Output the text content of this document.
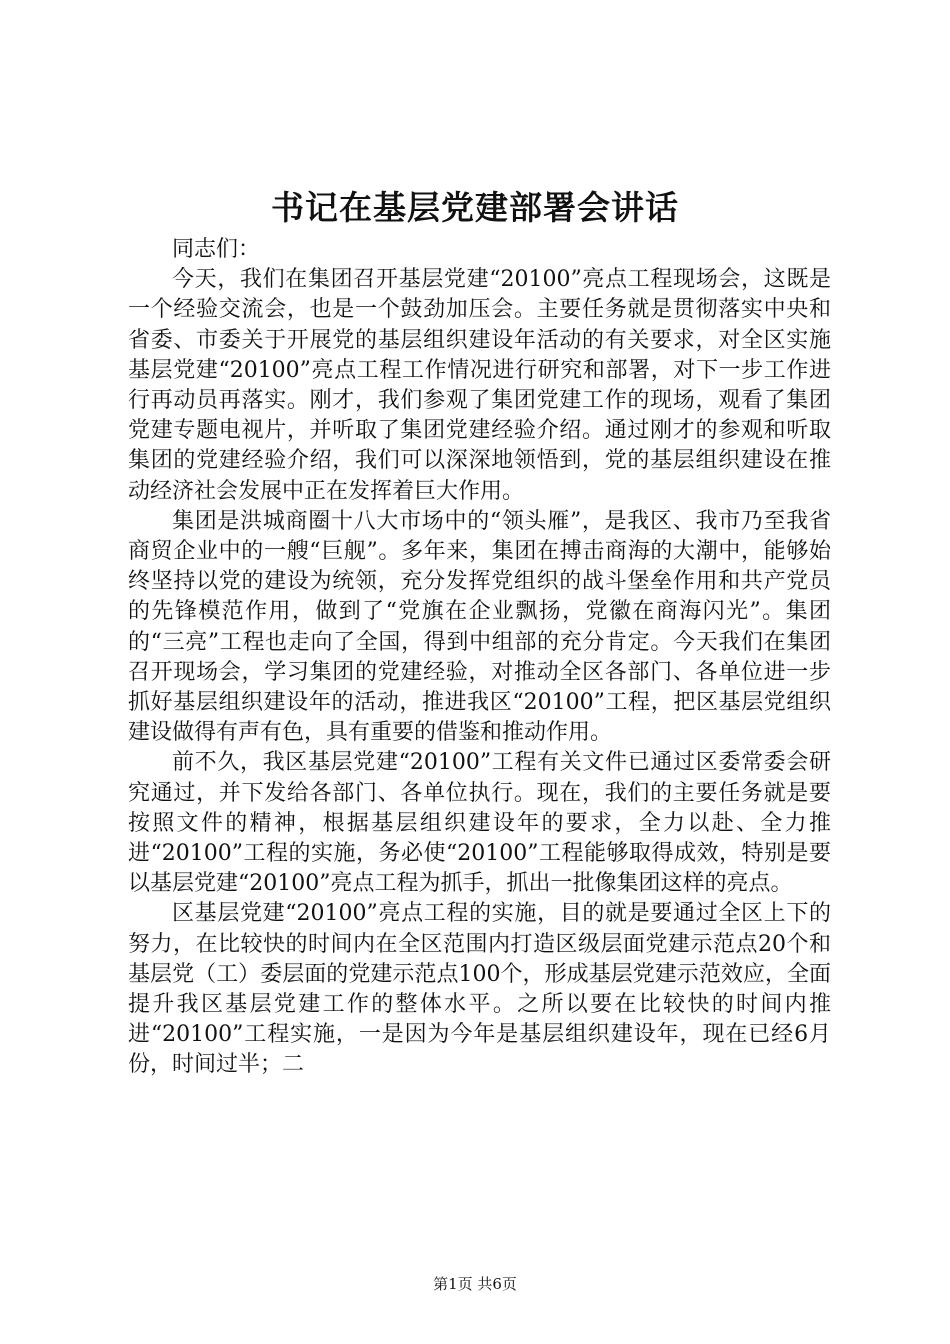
书记在基层党建部署会讲话

同志们：

今天，我们在集团召开基层党建“20100”亮点工程现场会，这既是一个经验交流会，也是一个鼓劲加压会。主要任务就是贯彻落实中央和省委、市委关于开展党的基层组织建设年活动的有关要求，对全区实施基层党建“20100”亮点工程工作情况进行研究和部署，对下一步工作进行再动员再落实。刚才，我们参观了集团党建工作的现场，观看了集团党建专题电视片，并听取了集团党建经验介绍。通过刚才的参观和听取集团的党建经验介绍，我们可以深深地领悟到，党的基层组织建设在推动经济社会发展中正在发挥着巨大作用。

集团是洪城商圈十八大市场中的“领头雁”，是我区、我市乃至我省商贸企业中的一艘“巨舰”。多年来，集团在搏击商海的大潮中，能够始终坚持以党的建设为统领，充分发挥党组织的战斗堡垒作用和共产党员的先锋模范作用，做到了“党旗在企业飘扬，党徽在商海闪光”。集团的“三亮”工程也走向了全国，得到中组部的充分肯定。今天我们在集团召开现场会，学习集团的党建经验，对推动全区各部门、各单位进一步抓好基层组织建设年的活动，推进我区“20100”工程，把区基层党组织建设做得有声有色，具有重要的借鉴和推动作用。

前不久，我区基层党建“20100”工程有关文件已通过区委常委会研究通过，并下发给各部门、各单位执行。现在，我们的主要任务就是要按照文件的精神，根据基层组织建设年的要求，全力以赴、全力推进“20100”工程的实施，务必使“20100”工程能够取得成效，特别是要以基层党建“20100”亮点工程为抓手，抓出一批像集团这样的亮点。

区基层党建“20100”亮点工程的实施，目的就是要通过全区上下的努力，在比较快的时间内在全区范围内打造区级层面党建示范点20个和基层党（工）委层面的党建示范点100个，形成基层党建示范效应，全面提升我区基层党建工作的整体水平。之所以要在比较快的时间内推进“20100”工程实施，一是因为今年是基层组织建设年，现在已经6月份，时间过半；二

第1页 共6页
